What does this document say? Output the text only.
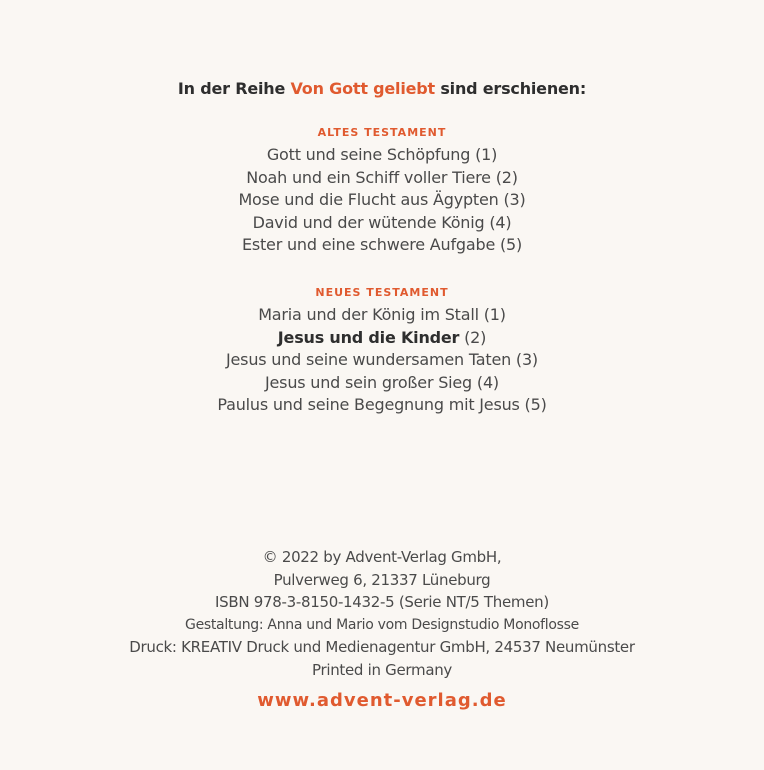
In der Reihe Von Gott geliebt sind erschienen:
ALTES TESTAMENT
Gott und seine Schöpfung (1)
Noah und ein Schiff voller Tiere (2)
Mose und die Flucht aus Ägypten (3)
David und der wütende König (4)
Ester und eine schwere Aufgabe (5)
NEUES TESTAMENT
Maria und der König im Stall (1)
Jesus und die Kinder (2)
Jesus und seine wundersamen Taten (3)
Jesus und sein großer Sieg (4)
Paulus und seine Begegnung mit Jesus (5)
© 2022 by Advent-Verlag GmbH,
Pulverweg 6, 21337 Lüneburg
ISBN 978-3-8150-1432-5 (Serie NT/5 Themen)
Gestaltung: Anna und Mario vom Designstudio Monoflosse
Druck: KREATIV Druck und Medienagentur GmbH, 24537 Neumünster
Printed in Germany
www.advent-verlag.de
